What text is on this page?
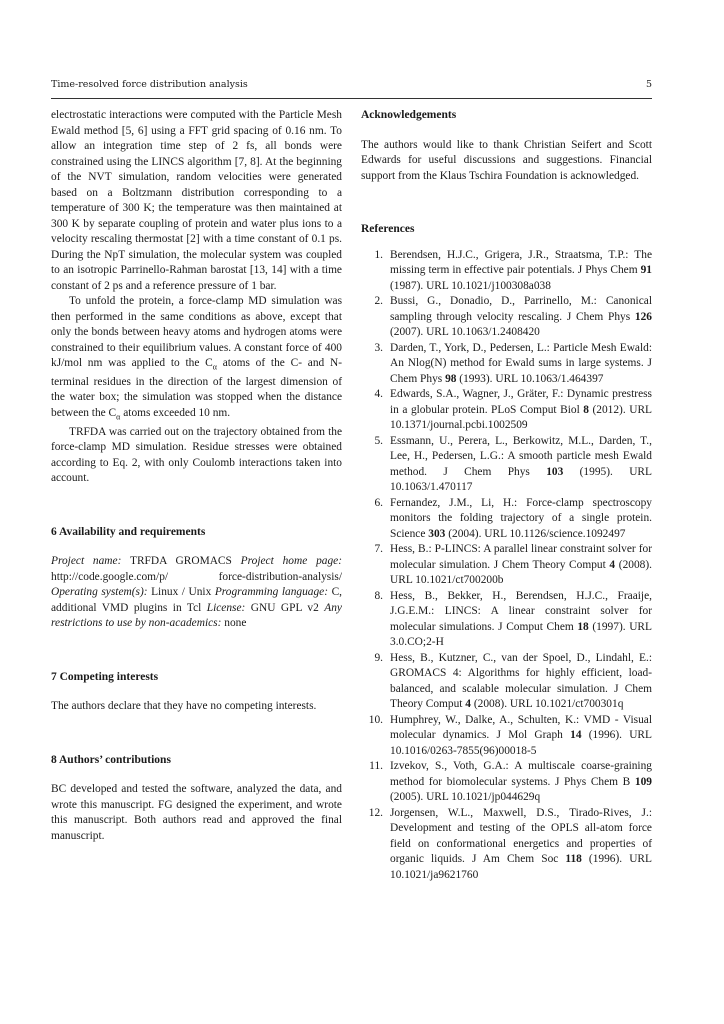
Time-resolved force distribution analysis	5

electrostatic interactions were computed with the Particle Mesh Ewald method [5, 6] using a FFT grid spacing of 0.16 nm. To allow an integration time step of 2 fs, all bonds were constrained using the LINCS algorithm [7, 8]. At the beginning of the NVT simulation, random velocities were generated based on a Boltzmann distribution corresponding to a temperature of 300 K; the temperature was then maintained at 300 K by separate coupling of protein and water plus ions to a velocity rescaling thermostat [2] with a time constant of 0.1 ps. During the NpT simulation, the molecular system was coupled to an isotropic Parrinello-Rahman barostat [13, 14] with a time constant of 2 ps and a reference pressure of 1 bar.

To unfold the protein, a force-clamp MD simulation was then performed in the same conditions as above, except that only the bonds between heavy atoms and hydrogen atoms were constrained to their equilibrium values. A constant force of 400 kJ/mol nm was applied to the $C_\alpha$ atoms of the C- and N-terminal residues in the direction of the largest dimension of the water box; the simulation was stopped when the distance between the $C_\alpha$ atoms exceeded 10 nm.

TRFDA was carried out on the trajectory obtained from the force-clamp MD simulation. Residue stresses were obtained according to Eq. 2, with only Coulomb interactions taken into account.

6 Availability and requirements

Project name: TRFDA GROMACS Project home page: http://code.google.com/p/ force-distribution-analysis/ Operating system(s): Linux / Unix Programming language: C, additional VMD plugins in Tcl License: GNU GPL v2 Any restrictions to use by non-academics: none

7 Competing interests

The authors declare that they have no competing interests.

8 Authors’ contributions

BC developed and tested the software, analyzed the data, and wrote this manuscript. FG designed the experiment, and wrote this manuscript. Both authors read and approved the final manuscript.

Acknowledgements

The authors would like to thank Christian Seifert and Scott Edwards for useful discussions and suggestions. Financial support from the Klaus Tschira Foundation is acknowledged.

References
1. Berendsen, H.J.C., Grigera, J.R., Straatsma, T.P.: The missing term in effective pair potentials. J Phys Chem 91 (1987). URL 10.1021/j100308a038
2. Bussi, G., Donadio, D., Parrinello, M.: Canonical sampling through velocity rescaling. J Chem Phys 126 (2007). URL 10.1063/1.2408420
3. Darden, T., York, D., Pedersen, L.: Particle Mesh Ewald: An Nlog(N) method for Ewald sums in large systems. J Chem Phys 98 (1993). URL 10.1063/1.464397
4. Edwards, S.A., Wagner, J., Gräter, F.: Dynamic prestress in a globular protein. PLoS Comput Biol 8 (2012). URL 10.1371/journal.pcbi.1002509
5. Essmann, U., Perera, L., Berkowitz, M.L., Darden, T., Lee, H., Pedersen, L.G.: A smooth particle mesh Ewald method. J Chem Phys 103 (1995). URL 10.1063/1.470117
6. Fernandez, J.M., Li, H.: Force-clamp spectroscopy monitors the folding trajectory of a single protein. Science 303 (2004). URL 10.1126/science.1092497
7. Hess, B.: P-LINCS: A parallel linear constraint solver for molecular simulation. J Chem Theory Comput 4 (2008). URL 10.1021/ct700200b
8. Hess, B., Bekker, H., Berendsen, H.J.C., Fraaije, J.G.E.M.: LINCS: A linear constraint solver for molecular simulations. J Comput Chem 18 (1997). URL 3.0.CO;2-H
9. Hess, B., Kutzner, C., van der Spoel, D., Lindahl, E.: GROMACS 4: Algorithms for highly efficient, load-balanced, and scalable molecular simulation. J Chem Theory Comput 4 (2008). URL 10.1021/ct700301q
10. Humphrey, W., Dalke, A., Schulten, K.: VMD - Visual molecular dynamics. J Mol Graph 14 (1996). URL 10.1016/0263-7855(96)00018-5
11. Izvekov, S., Voth, G.A.: A multiscale coarse-graining method for biomolecular systems. J Phys Chem B 109 (2005). URL 10.1021/jp044629q
12. Jorgensen, W.L., Maxwell, D.S., Tirado-Rives, J.: Development and testing of the OPLS all-atom force field on conformational energetics and properties of organic liquids. J Am Chem Soc 118 (1996). URL 10.1021/ja9621760
